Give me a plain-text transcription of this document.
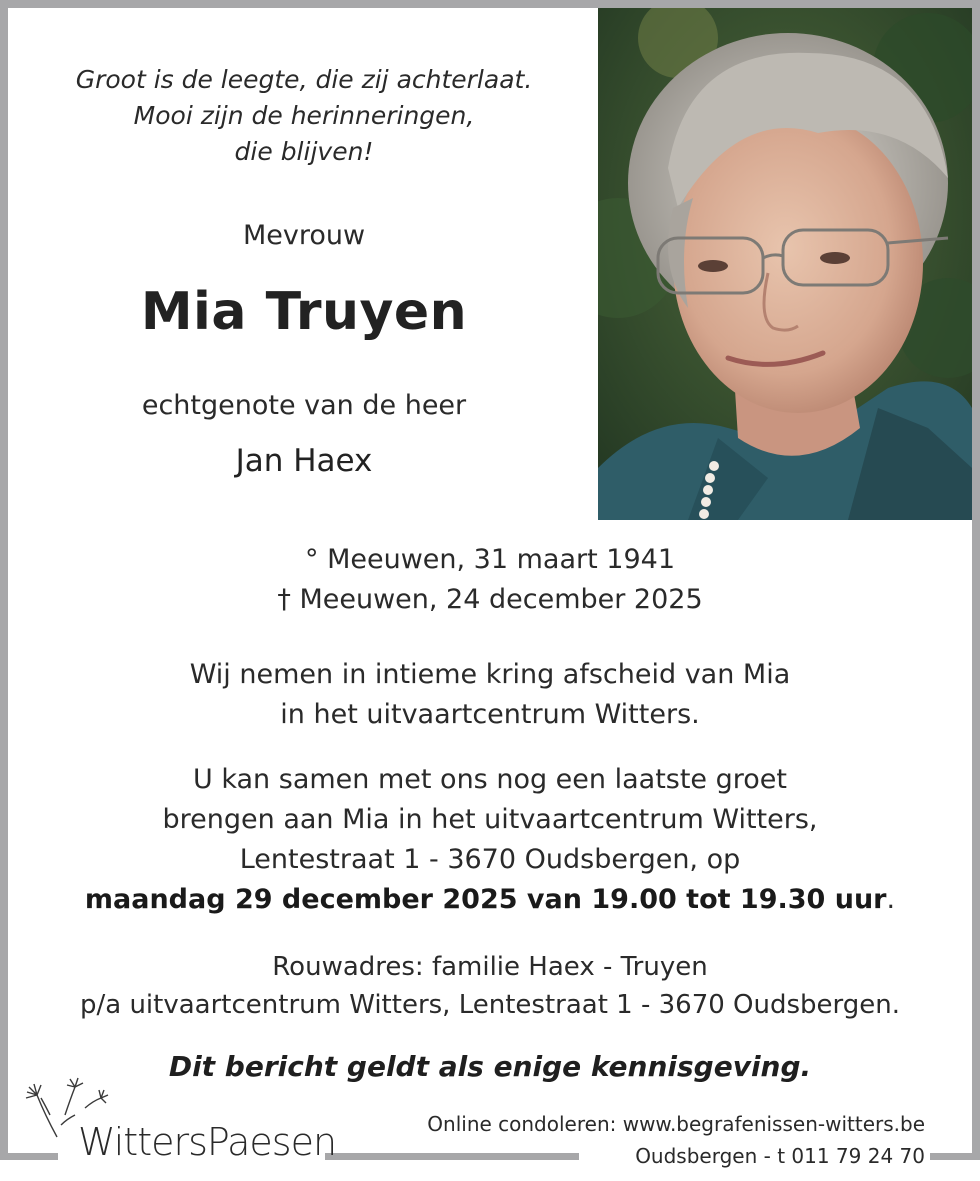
Groot is de leegte, die zij achterlaat.
Mooi zijn de herinneringen,
die blijven!
Mevrouw
Mia Truyen
echtgenote van de heer
Jan Haex
° Meeuwen, 31 maart 1941
† Meeuwen, 24 december 2025
Wij nemen in intieme kring afscheid van Mia
in het uitvaartcentrum Witters.
U kan samen met ons nog een laatste groet
brengen aan Mia in het uitvaartcentrum Witters,
Lentestraat 1 - 3670 Oudsbergen, op
maandag 29 december 2025 van 19.00 tot 19.30 uur.
Rouwadres: familie Haex - Truyen
p/a uitvaartcentrum Witters, Lentestraat 1 - 3670 Oudsbergen.
Dit bericht geldt als enige kennisgeving.
WittersPaesen	Online condoleren: www.begrafenissen-witters.be
Oudsbergen - t 011 79 24 70
